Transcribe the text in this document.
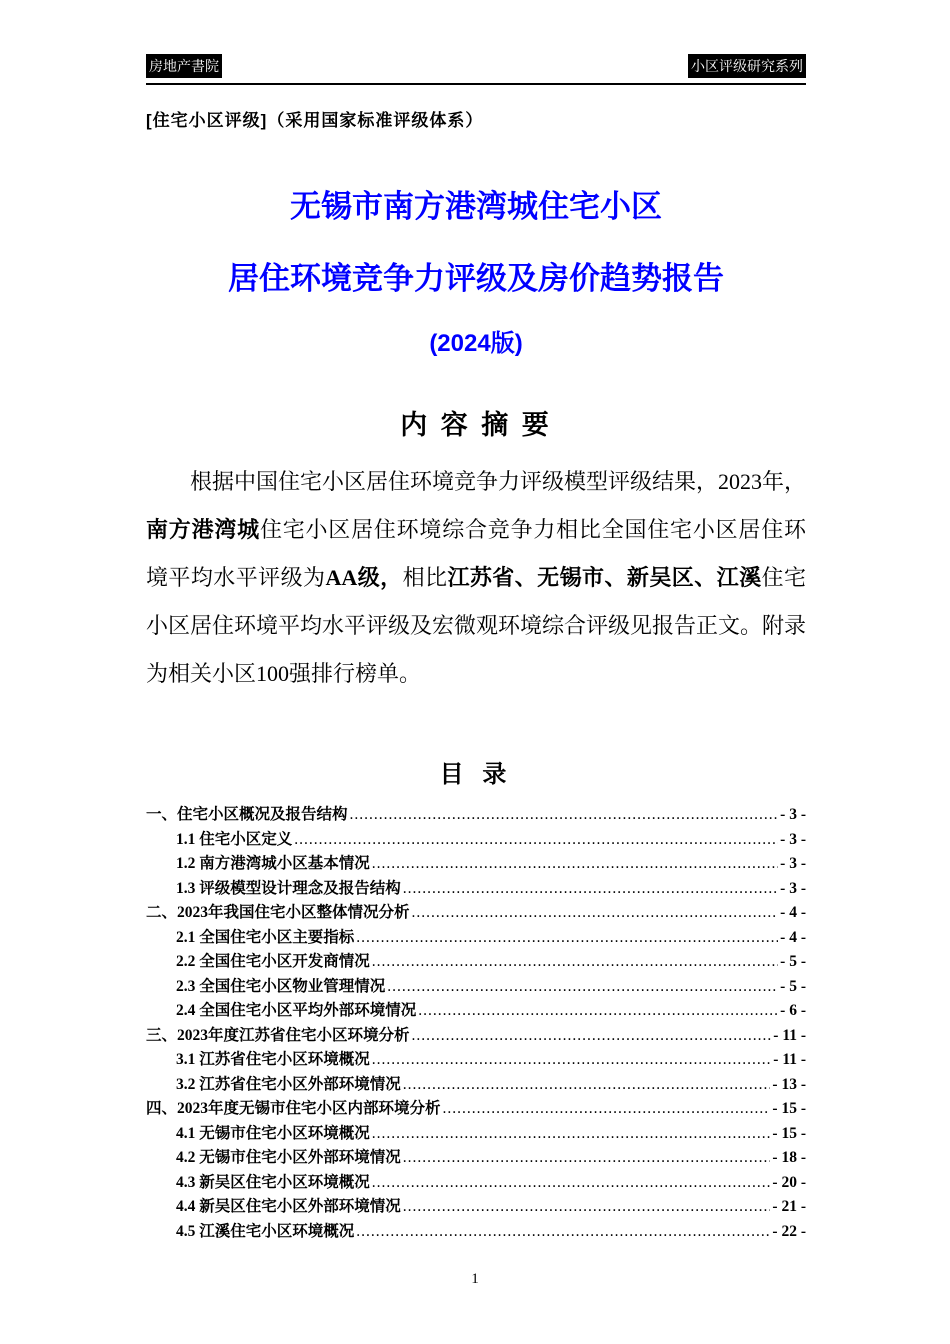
房地产書院	小区评级研究系列
[住宅小区评级]（采用国家标准评级体系）
无锡市南方港湾城住宅小区
居住环境竞争力评级及房价趋势报告
(2024版)
内 容 摘 要

根据中国住宅小区居住环境竞争力评级模型评级结果，2023年，南方港湾城住宅小区居住环境综合竞争力相比全国住宅小区居住环境平均水平评级为AA级，相比江苏省、无锡市、新吴区、江溪住宅小区居住环境平均水平评级及宏微观环境综合评级见报告正文。附录为相关小区100强排行榜单。

目 录
一、住宅小区概况及报告结构 .....	- 3 -
1.1 住宅小区定义 .....	- 3 -
1.2 南方港湾城小区基本情况 .....	- 3 -
1.3 评级模型设计理念及报告结构 .....	- 3 -
二、2023年我国住宅小区整体情况分析 .....	- 4 -
2.1 全国住宅小区主要指标 .....	- 4 -
2.2 全国住宅小区开发商情况 .....	- 5 -
2.3 全国住宅小区物业管理情况 .....	- 5 -
2.4 全国住宅小区平均外部环境情况 .....	- 6 -
三、2023年度江苏省住宅小区环境分析 .....	- 11 -
3.1 江苏省住宅小区环境概况 .....	- 11 -
3.2 江苏省住宅小区外部环境情况 .....	- 13 -
四、2023年度无锡市住宅小区内部环境分析 .....	- 15 -
4.1 无锡市住宅小区环境概况 .....	- 15 -
4.2 无锡市住宅小区外部环境情况 .....	- 18 -
4.3 新吴区住宅小区环境概况 .....	- 20 -
4.4 新吴区住宅小区外部环境情况 .....	- 21 -
4.5 江溪住宅小区环境概况 .....	- 22 -
1
